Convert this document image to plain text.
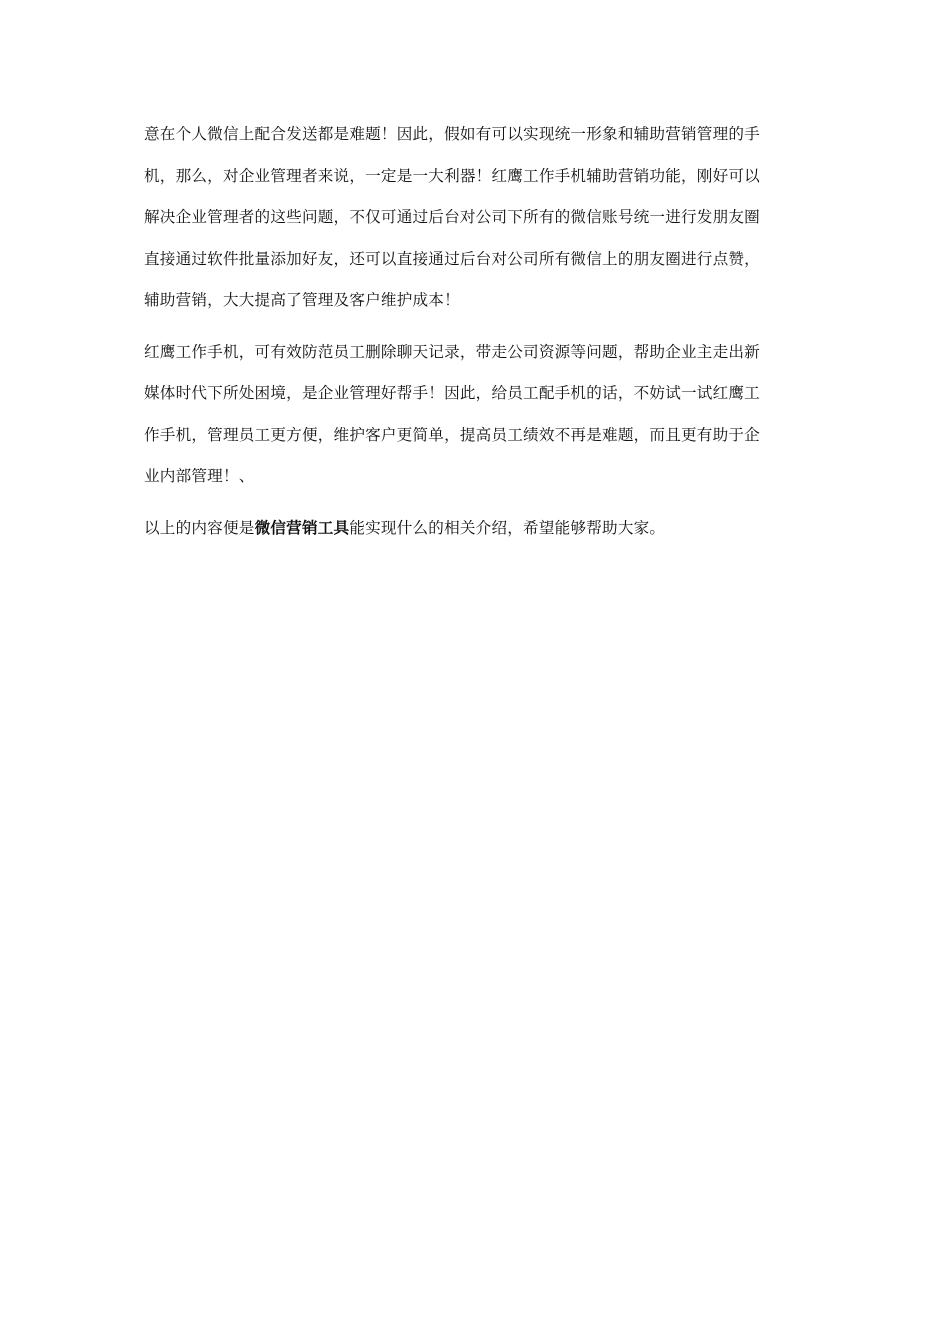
意在个人微信上配合发送都是难题！因此，假如有可以实现统一形象和辅助营销管理的手
机，那么，对企业管理者来说，一定是一大利器！红鹰工作手机辅助营销功能，刚好可以
解决企业管理者的这些问题，不仅可通过后台对公司下所有的微信账号统一进行发朋友圈
直接通过软件批量添加好友，还可以直接通过后台对公司所有微信上的朋友圈进行点赞，
辅助营销，大大提高了管理及客户维护成本！

红鹰工作手机，可有效防范员工删除聊天记录，带走公司资源等问题，帮助企业主走出新
媒体时代下所处困境，是企业管理好帮手！因此，给员工配手机的话，不妨试一试红鹰工
作手机，管理员工更方便，维护客户更简单，提高员工绩效不再是难题，而且更有助于企
业内部管理！、

以上的内容便是微信营销工具能实现什么的相关介绍，希望能够帮助大家。
